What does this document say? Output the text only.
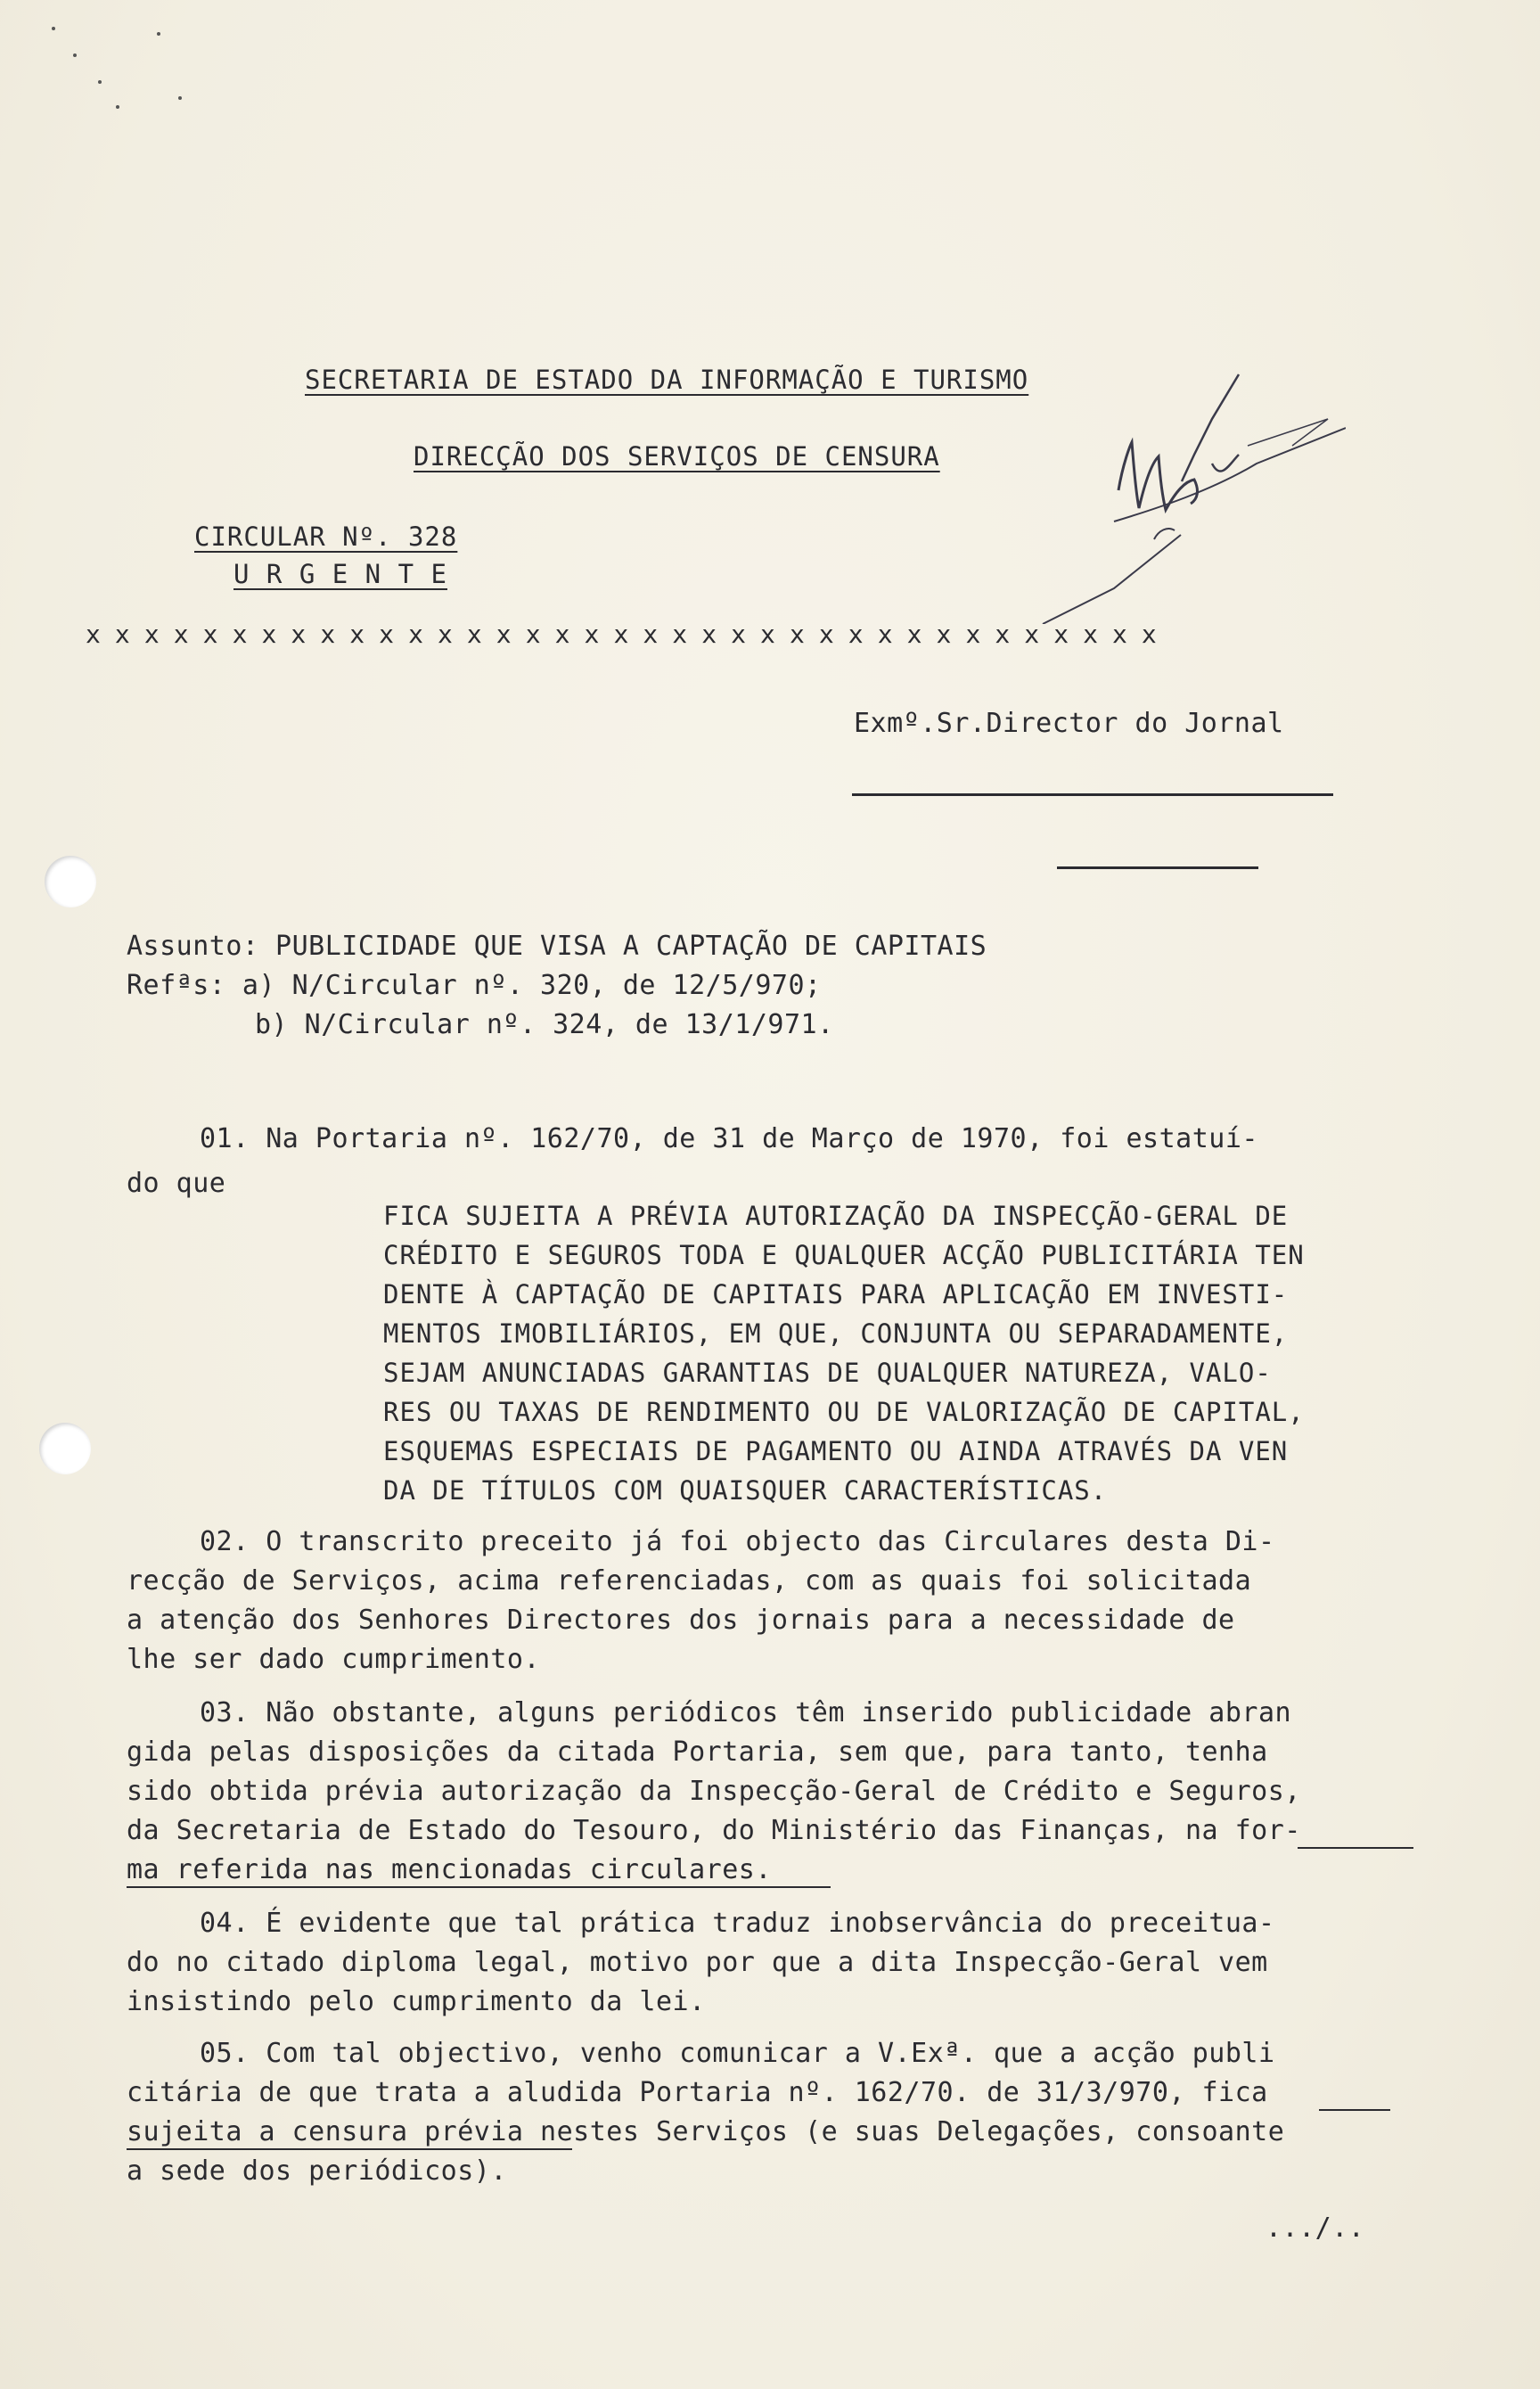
SECRETARIA DE ESTADO DA INFORMAÇÃO E TURISMO
DIRECÇÃO DOS SERVIÇOS DE CENSURA
CIRCULAR Nº. 328
U R G E N T E
x x x x x x x x x x x x x x x x x x x x x x x x x x x x x x x x x x x x x
Exmº.Sr.Director do Jornal
Assunto: PUBLICIDADE QUE VISA A CAPTAÇÃO DE CAPITAIS
Refªs: a) N/Circular nº. 320, de 12/5/970;
b) N/Circular nº. 324, de 13/1/971.
01. Na Portaria nº. 162/70, de 31 de Março de 1970, foi estatuí-
do que
FICA SUJEITA A PRÉVIA AUTORIZAÇÃO DA INSPECÇÃO-GERAL DE
CRÉDITO E SEGUROS TODA E QUALQUER ACÇÃO PUBLICITÁRIA TEN
DENTE À CAPTAÇÃO DE CAPITAIS PARA APLICAÇÃO EM INVESTI-
MENTOS IMOBILIÁRIOS, EM QUE, CONJUNTA OU SEPARADAMENTE,
SEJAM ANUNCIADAS GARANTIAS DE QUALQUER NATUREZA, VALO-
RES OU TAXAS DE RENDIMENTO OU DE VALORIZAÇÃO DE CAPITAL,
ESQUEMAS ESPECIAIS DE PAGAMENTO OU AINDA ATRAVÉS DA VEN
DA DE TÍTULOS COM QUAISQUER CARACTERÍSTICAS.
02. O transcrito preceito já foi objecto das Circulares desta Di-
recção de Serviços, acima referenciadas, com as quais foi solicitada
a atenção dos Senhores Directores dos jornais para a necessidade de
lhe ser dado cumprimento.
03. Não obstante, alguns periódicos têm inserido publicidade abran
gida pelas disposições da citada Portaria, sem que, para tanto, tenha
sido obtida prévia autorização da Inspecção-Geral de Crédito e Seguros,
da Secretaria de Estado do Tesouro, do Ministério das Finanças, na for-
ma referida nas mencionadas circulares.
04. É evidente que tal prática traduz inobservância do preceitua-
do no citado diploma legal, motivo por que a dita Inspecção-Geral vem
insistindo pelo cumprimento da lei.
05. Com tal objectivo, venho comunicar a V.Exª. que a acção publi
citária de que trata a aludida Portaria nº. 162/70. de 31/3/970, fica
sujeita a censura prévia nestes Serviços (e suas Delegações, consoante
a sede dos periódicos).
.../..
